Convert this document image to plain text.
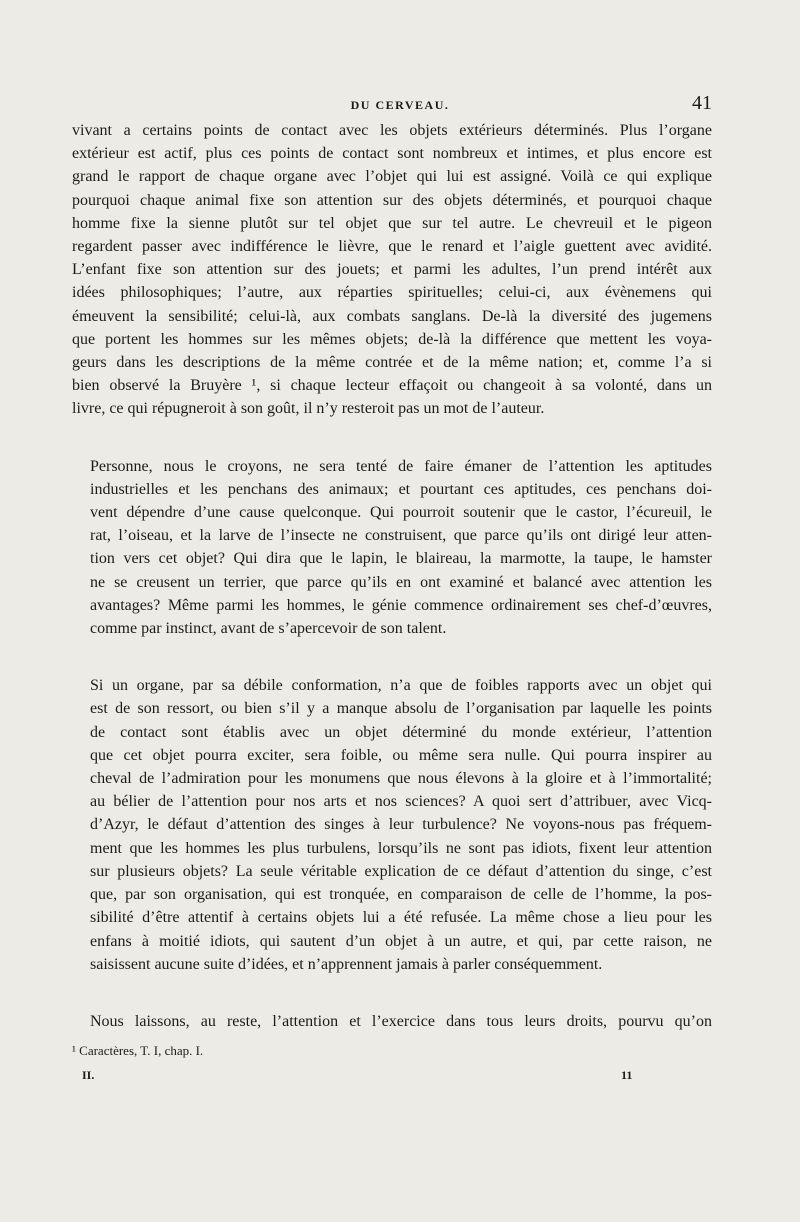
DU CERVEAU.	41

vivant a certains points de contact avec les objets extérieurs déterminés. Plus l’organe
extérieur est actif, plus ces points de contact sont nombreux et intimes, et plus encore est
grand le rapport de chaque organe avec l’objet qui lui est assigné. Voilà ce qui explique
pourquoi chaque animal fixe son attention sur des objets déterminés, et pourquoi chaque
homme fixe la sienne plutôt sur tel objet que sur tel autre. Le chevreuil et le pigeon
regardent passer avec indifférence le lièvre, que le renard et l’aigle guettent avec avidité.
L’enfant fixe son attention sur des jouets; et parmi les adultes, l’un prend intérêt aux
idées philosophiques; l’autre, aux réparties spirituelles; celui-ci, aux évènemens qui
émeuvent la sensibilité; celui-là, aux combats sanglans. De-là la diversité des jugemens
que portent les hommes sur les mêmes objets; de-là la différence que mettent les voya-
geurs dans les descriptions de la même contrée et de la même nation; et, comme l’a si
bien observé la Bruyère ¹, si chaque lecteur effaçoit ou changeoit à sa volonté, dans un
livre, ce qui répugneroit à son goût, il n’y resteroit pas un mot de l’auteur.

Personne, nous le croyons, ne sera tenté de faire émaner de l’attention les aptitudes
industrielles et les penchans des animaux; et pourtant ces aptitudes, ces penchans doi-
vent dépendre d’une cause quelconque. Qui pourroit soutenir que le castor, l’écureuil, le
rat, l’oiseau, et la larve de l’insecte ne construisent, que parce qu’ils ont dirigé leur atten-
tion vers cet objet? Qui dira que le lapin, le blaireau, la marmotte, la taupe, le hamster
ne se creusent un terrier, que parce qu’ils en ont examiné et balancé avec attention les
avantages? Même parmi les hommes, le génie commence ordinairement ses chef-d’œuvres,
comme par instinct, avant de s’apercevoir de son talent.

Si un organe, par sa débile conformation, n’a que de foibles rapports avec un objet qui
est de son ressort, ou bien s’il y a manque absolu de l’organisation par laquelle les points
de contact sont établis avec un objet déterminé du monde extérieur, l’attention
que cet objet pourra exciter, sera foible, ou même sera nulle. Qui pourra inspirer au
cheval de l’admiration pour les monumens que nous élevons à la gloire et à l’immortalité;
au bélier de l’attention pour nos arts et nos sciences? A quoi sert d’attribuer, avec Vicq-
d’Azyr, le défaut d’attention des singes à leur turbulence? Ne voyons-nous pas fréquem-
ment que les hommes les plus turbulens, lorsqu’ils ne sont pas idiots, fixent leur attention
sur plusieurs objets? La seule véritable explication de ce défaut d’attention du singe, c’est
que, par son organisation, qui est tronquée, en comparaison de celle de l’homme, la pos-
sibilité d’être attentif à certains objets lui a été refusée. La même chose a lieu pour les
enfans à moitié idiots, qui sautent d’un objet à un autre, et qui, par cette raison, ne
saisissent aucune suite d’idées, et n’apprennent jamais à parler conséquemment.

Nous laissons, au reste, l’attention et l’exercice dans tous leurs droits, pourvu qu’on

¹ Caractères, T. I, chap. I.
II.	11
